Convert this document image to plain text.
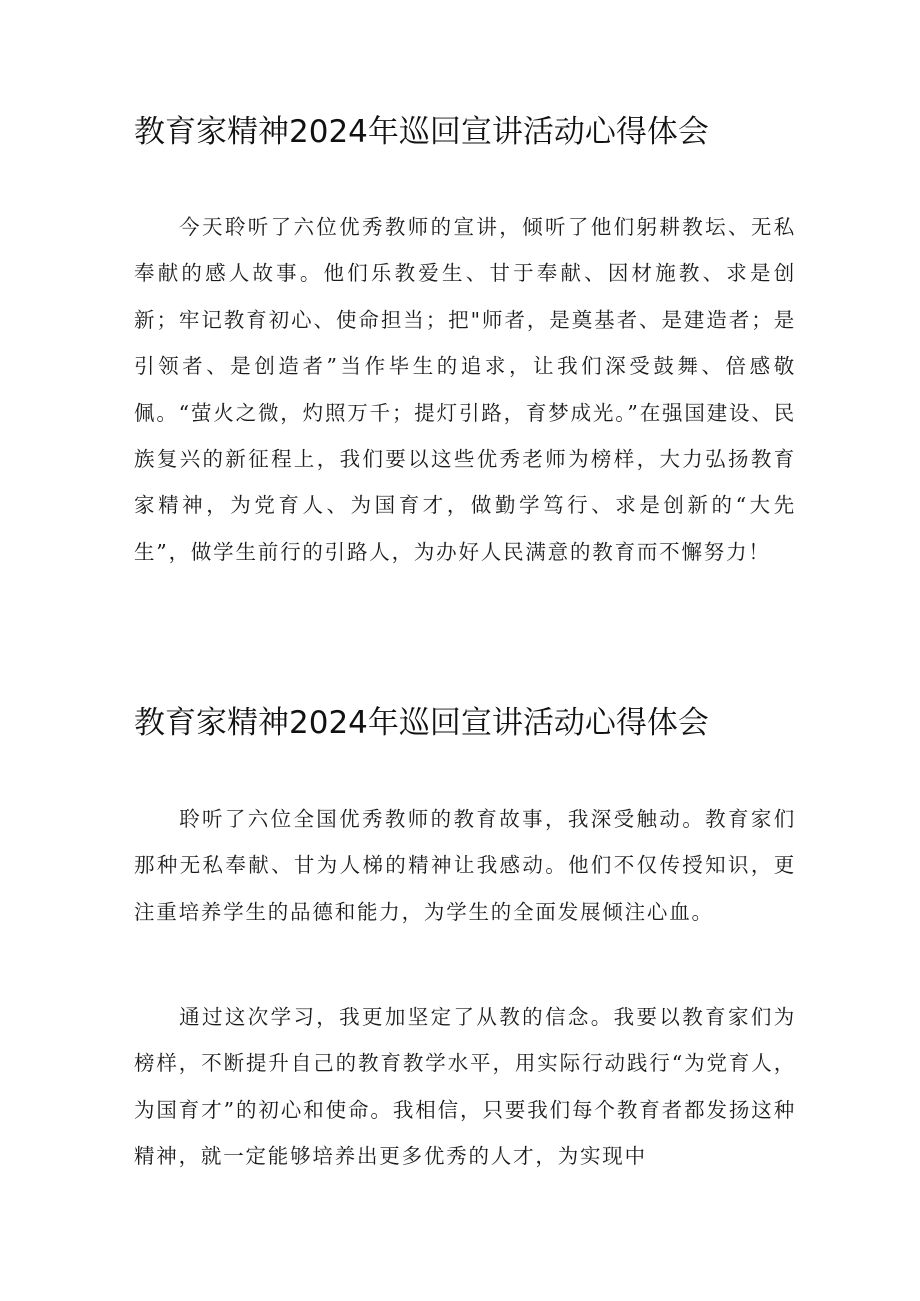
教育家精神2024年巡回宣讲活动心得体会

今天聆听了六位优秀教师的宣讲，倾听了他们躬耕教坛、无私奉献的感人故事。他们乐教爱生、甘于奉献、因材施教、求是创新；牢记教育初心、使命担当；把"师者，是奠基者、是建造者；是引领者、是创造者”当作毕生的追求，让我们深受鼓舞、倍感敬佩。“萤火之微，灼照万千；提灯引路，育梦成光。”在强国建设、民族复兴的新征程上，我们要以这些优秀老师为榜样，大力弘扬教育家精神，为党育人、为国育才，做勤学笃行、求是创新的“大先生”，做学生前行的引路人，为办好人民满意的教育而不懈努力！

教育家精神2024年巡回宣讲活动心得体会

聆听了六位全国优秀教师的教育故事，我深受触动。教育家们那种无私奉献、甘为人梯的精神让我感动。他们不仅传授知识，更注重培养学生的品德和能力，为学生的全面发展倾注心血。

通过这次学习，我更加坚定了从教的信念。我要以教育家们为榜样，不断提升自己的教育教学水平，用实际行动践行“为党育人，为国育才”的初心和使命。我相信，只要我们每个教育者都发扬这种精神，就一定能够培养出更多优秀的人才，为实现中
